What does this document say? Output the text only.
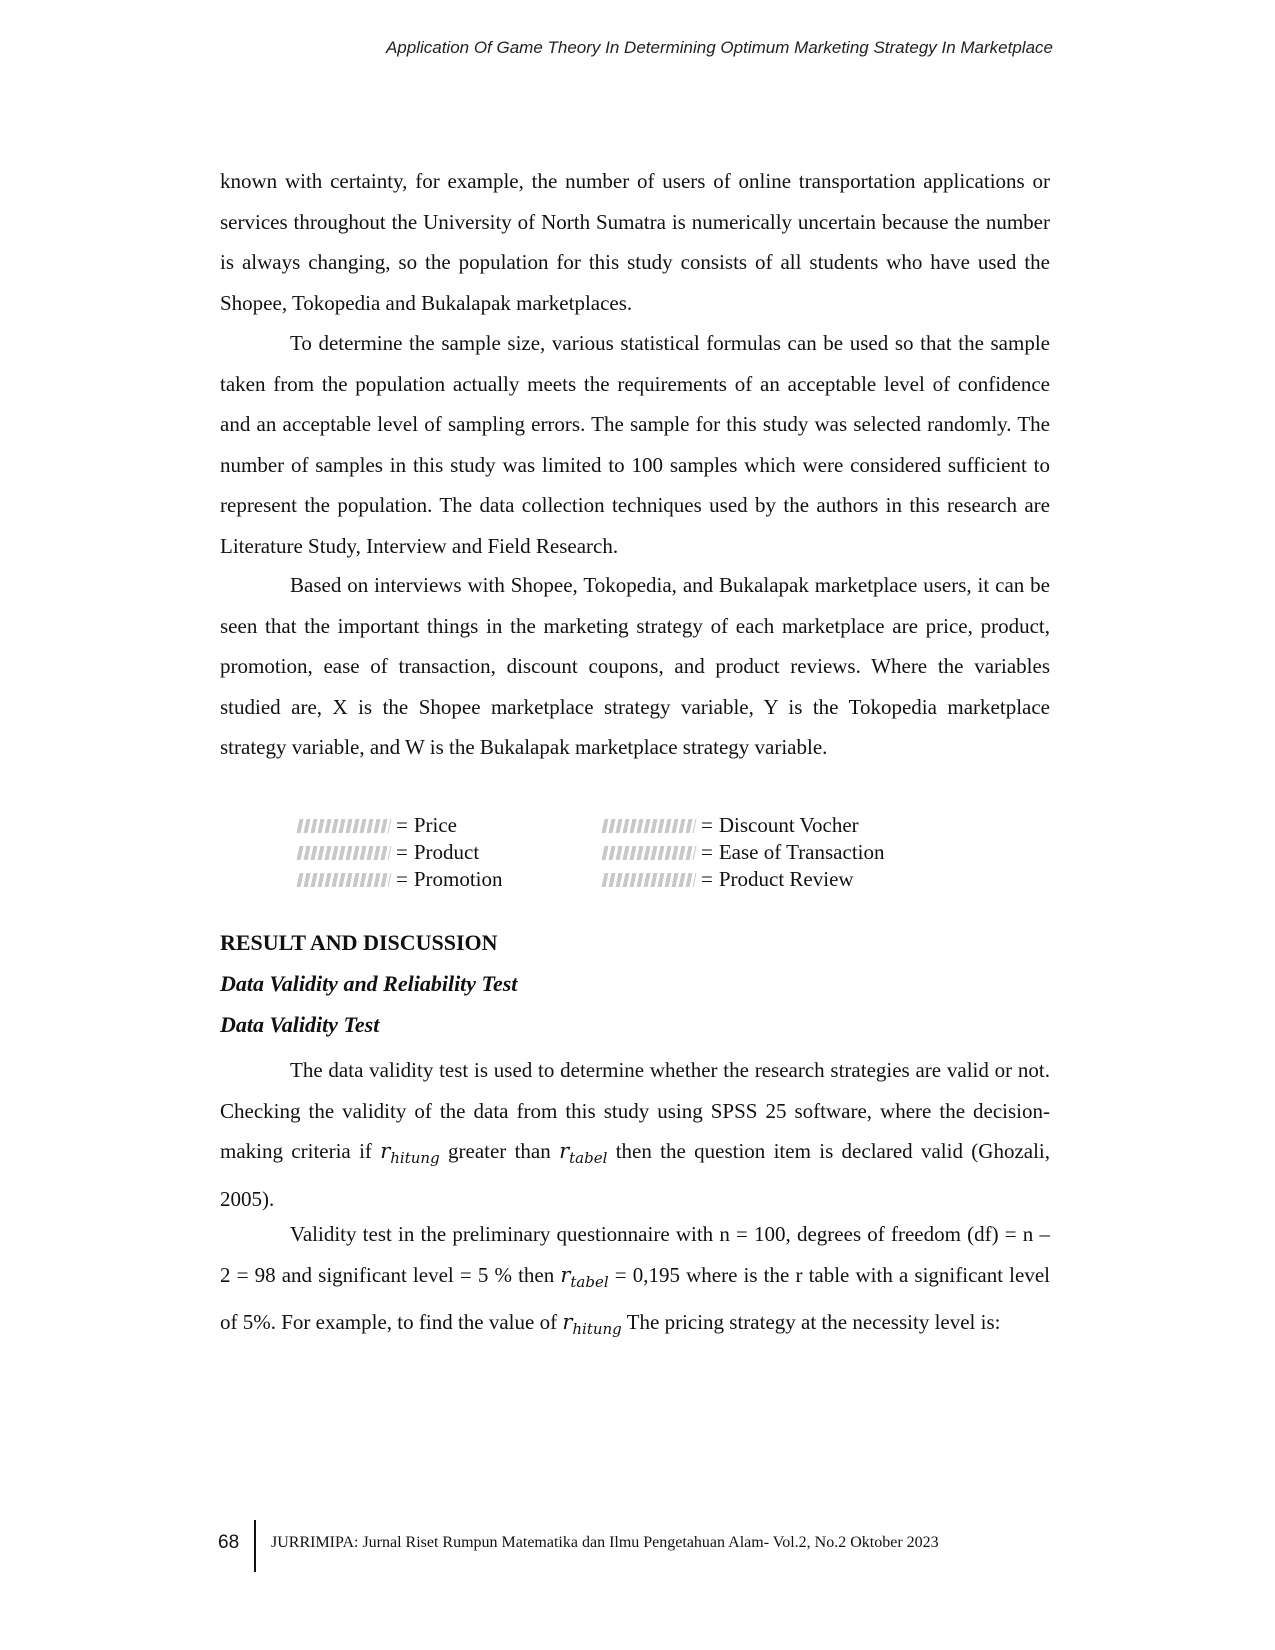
Application Of Game Theory In Determining Optimum Marketing Strategy In Marketplace

known with certainty, for example, the number of users of online transportation applications or services throughout the University of North Sumatra is numerically uncertain because the number is always changing, so the population for this study consists of all students who have used the Shopee, Tokopedia and Bukalapak marketplaces.

To determine the sample size, various statistical formulas can be used so that the sample taken from the population actually meets the requirements of an acceptable level of confidence and an acceptable level of sampling errors. The sample for this study was selected randomly. The number of samples in this study was limited to 100 samples which were considered sufficient to represent the population. The data collection techniques used by the authors in this research are Literature Study, Interview and Field Research.

Based on interviews with Shopee, Tokopedia, and Bukalapak marketplace users, it can be seen that the important things in the marketing strategy of each marketplace are price, product, promotion, ease of transaction, discount coupons, and product reviews. Where the variables studied are, X is the Shopee marketplace strategy variable, Y is the Tokopedia marketplace strategy variable, and W is the Bukalapak marketplace strategy variable.

= Price
= Product
= Promotion
= Discount Vocher
= Ease of Transaction
= Product Review
RESULT AND DISCUSSION
Data Validity and Reliability Test
Data Validity Test

The data validity test is used to determine whether the research strategies are valid or not. Checking the validity of the data from this study using SPSS 25 software, where the decision-making criteria if $r_{hitung}$ greater than $r_{tabel}$ then the question item is declared valid (Ghozali, 2005).

Validity test in the preliminary questionnaire with n = 100, degrees of freedom (df) = n – 2 = 98 and significant level = 5 % then $r_{tabel} = 0,195$ where is the r table with a significant level of 5%. For example, to find the value of $r_{hitung}$ The pricing strategy at the necessity level is:

68 JURRIMIPA: Jurnal Riset Rumpun Matematika dan Ilmu Pengetahuan Alam- Vol.2, No.2 Oktober 2023
